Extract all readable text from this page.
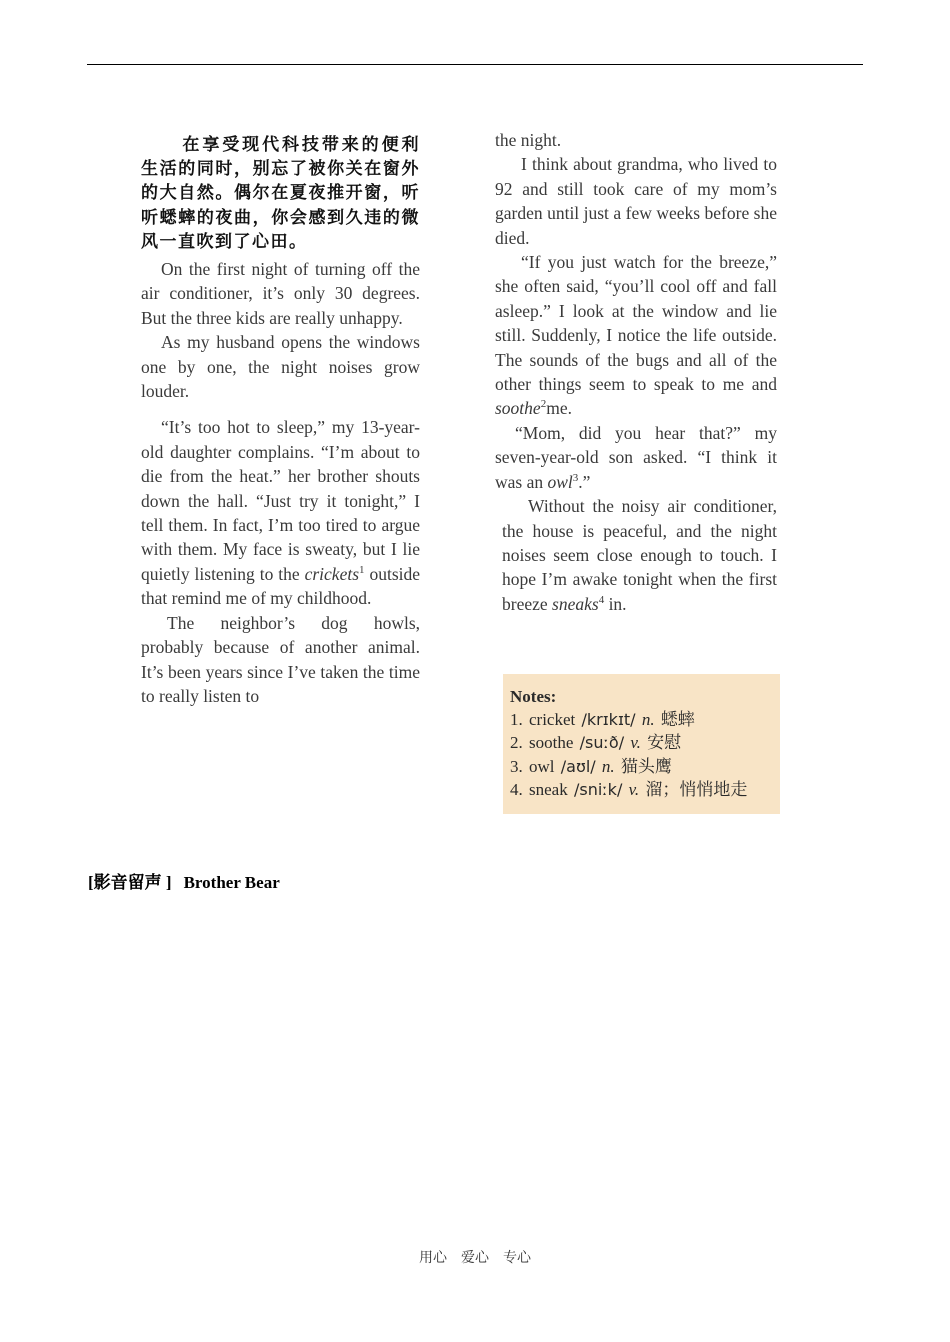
在享受现代科技带来的便利生活的同时，别忘了被你关在窗外的大自然。偶尔在夏夜推开窗，听听蟋蟀的夜曲，你会感到久违的微风一直吹到了心田。

On the first night of turning off the air conditioner, it’s only 30 degrees. But the three kids are really unhappy.

As my husband opens the windows one by one, the night noises grow louder.

“It’s too hot to sleep,” my 13-year-old daughter complains. “I’m about to die from the heat.” her brother shouts down the hall. “Just try it tonight,” I tell them. In fact, I’m too tired to argue with them. My face is sweaty, but I lie quietly listening to the crickets$^1$ outside that remind me of my childhood.

The neighbor’s dog howls, probably because of another animal. It’s been years since I’ve taken the time to really listen to

the night.

I think about grandma, who lived to 92 and still took care of my mom’s garden until just a few weeks before she died.

“If you just watch for the breeze,” she often said, “you’ll cool off and fall asleep.” I look at the window and lie still. Suddenly, I notice the life outside. The sounds of the bugs and all of the other things seem to speak to me and soothe$^2$me.

“Mom, did you hear that?” my seven-year-old son asked. “I think it was an owl$^3$.”

Without the noisy air conditioner, the house is peaceful, and the night noises seem close enough to touch. I hope I’m awake tonight when the first breeze sneaks$^4$ in.

Notes:
1. cricket /krɪkɪt/ n. 蟋蟀
2. soothe /suːð/ v. 安慰
3. owl /aʊl/ n. 猫头鹰
4. sneak /sniːk/ v. 溜；悄悄地走
[影音留声 ] Brother Bear
用心　爱心　专心
